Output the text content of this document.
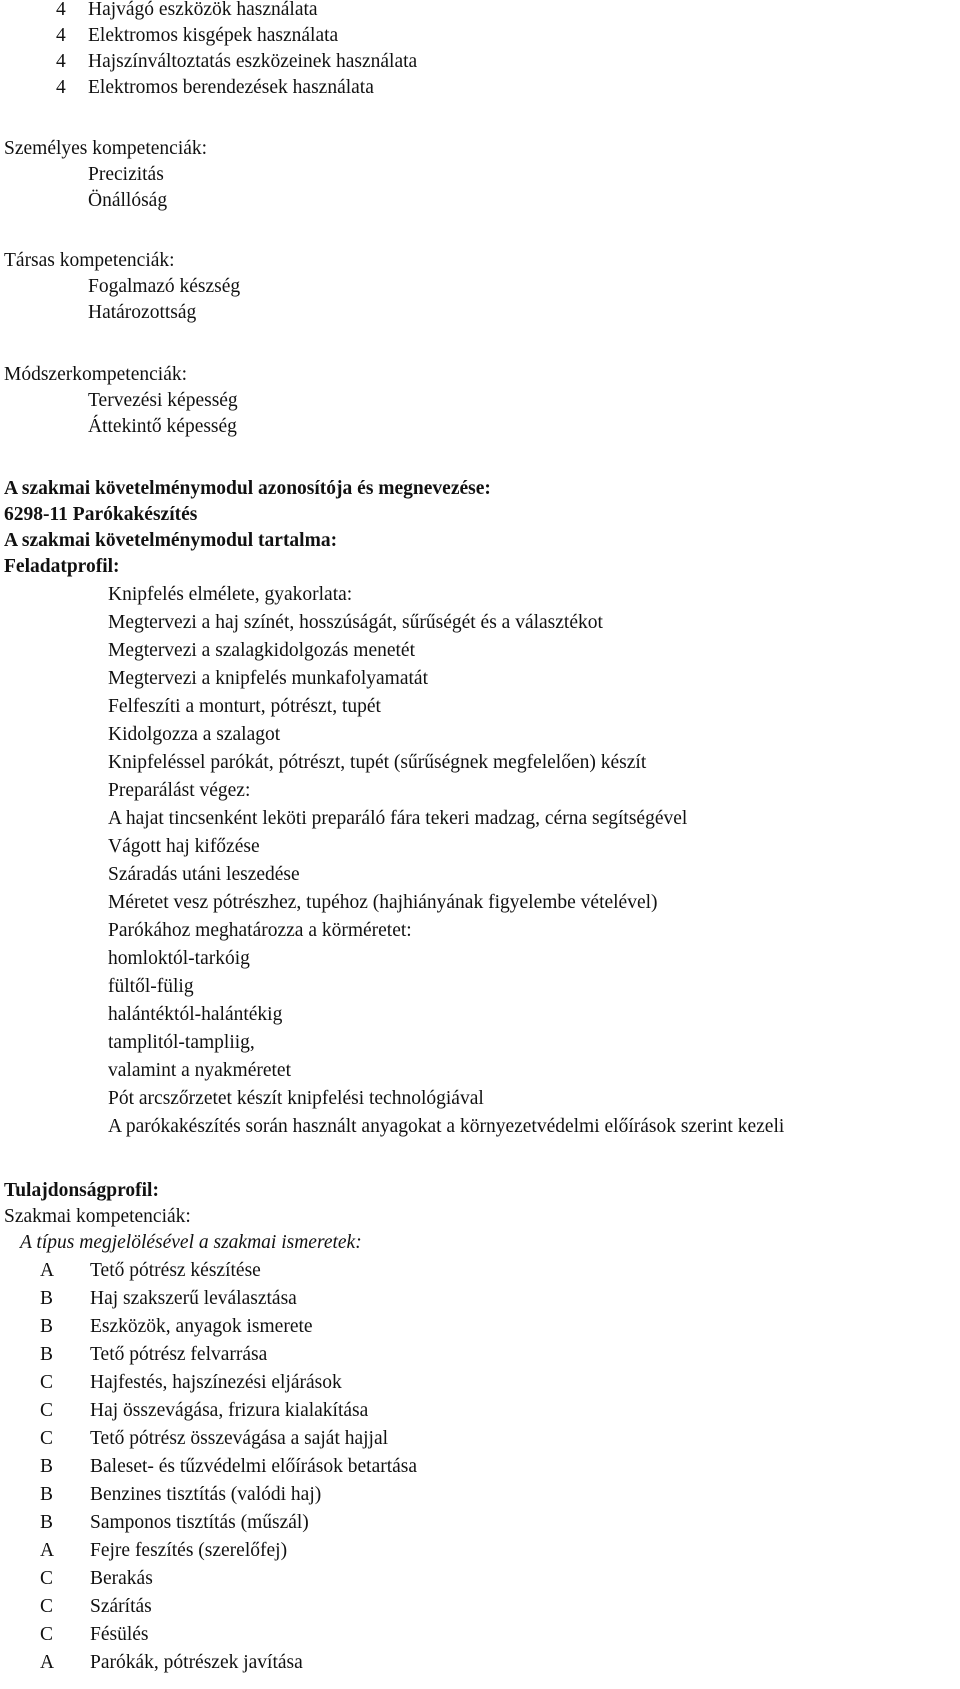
4 Hajvágó eszközök használata
4 Elektromos kisgépek használata
4 Hajszínváltoztatás eszközeinek használata
4 Elektromos berendezések használata
Személyes kompetenciák:
Precizitás
Önállóság
Társas kompetenciák:
Fogalmazó készség
Határozottság
Módszerkompetenciák:
Tervezési képesség
Áttekintő képesség
A szakmai követelménymodul azonosítója és megnevezése:
6298-11 Parókakészítés
A szakmai követelménymodul tartalma:
Feladatprofil:
Knipfelés elmélete, gyakorlata:
Megtervezi a haj színét, hosszúságát, sűrűségét és a választékot
Megtervezi a szalagkidolgozás menetét
Megtervezi a knipfelés munkafolyamatát
Felfeszíti a monturt, pótrészt, tupét
Kidolgozza a szalagot
Knipfeléssel parókát, pótrészt, tupét (sűrűségnek megfelelően) készít
Preparálást végez:
A hajat tincsenként leköti preparáló fára tekeri madzag, cérna segítségével
Vágott haj kifőzése
Száradás utáni leszedése
Méretet vesz pótrészhez, tupéhoz (hajhiányának figyelembe vételével)
Parókához meghatározza a körméretet:
homloktól-tarkóig
fültől-fülig
halántéktól-halántékig
tamplitól-tampliig,
valamint a nyakméretet
Pót arcszőrzetet készít knipfelési technológiával
A parókakészítés során használt anyagokat a környezetvédelmi előírások szerint kezeli
Tulajdonságprofil:
Szakmai kompetenciák:
A típus megjelölésével a szakmai ismeretek:
A Tető pótrész készítése
B Haj szakszerű leválasztása
B Eszközök, anyagok ismerete
B Tető pótrész felvarrása
C Hajfestés, hajszínezési eljárások
C Haj összevágása, frizura kialakítása
C Tető pótrész összevágása a saját hajjal
B Baleset- és tűzvédelmi előírások betartása
B Benzines tisztítás (valódi haj)
B Samponos tisztítás (műszál)
A Fejre feszítés (szerelőfej)
C Berakás
C Szárítás
C Fésülés
A Parókák, pótrészek javítása
